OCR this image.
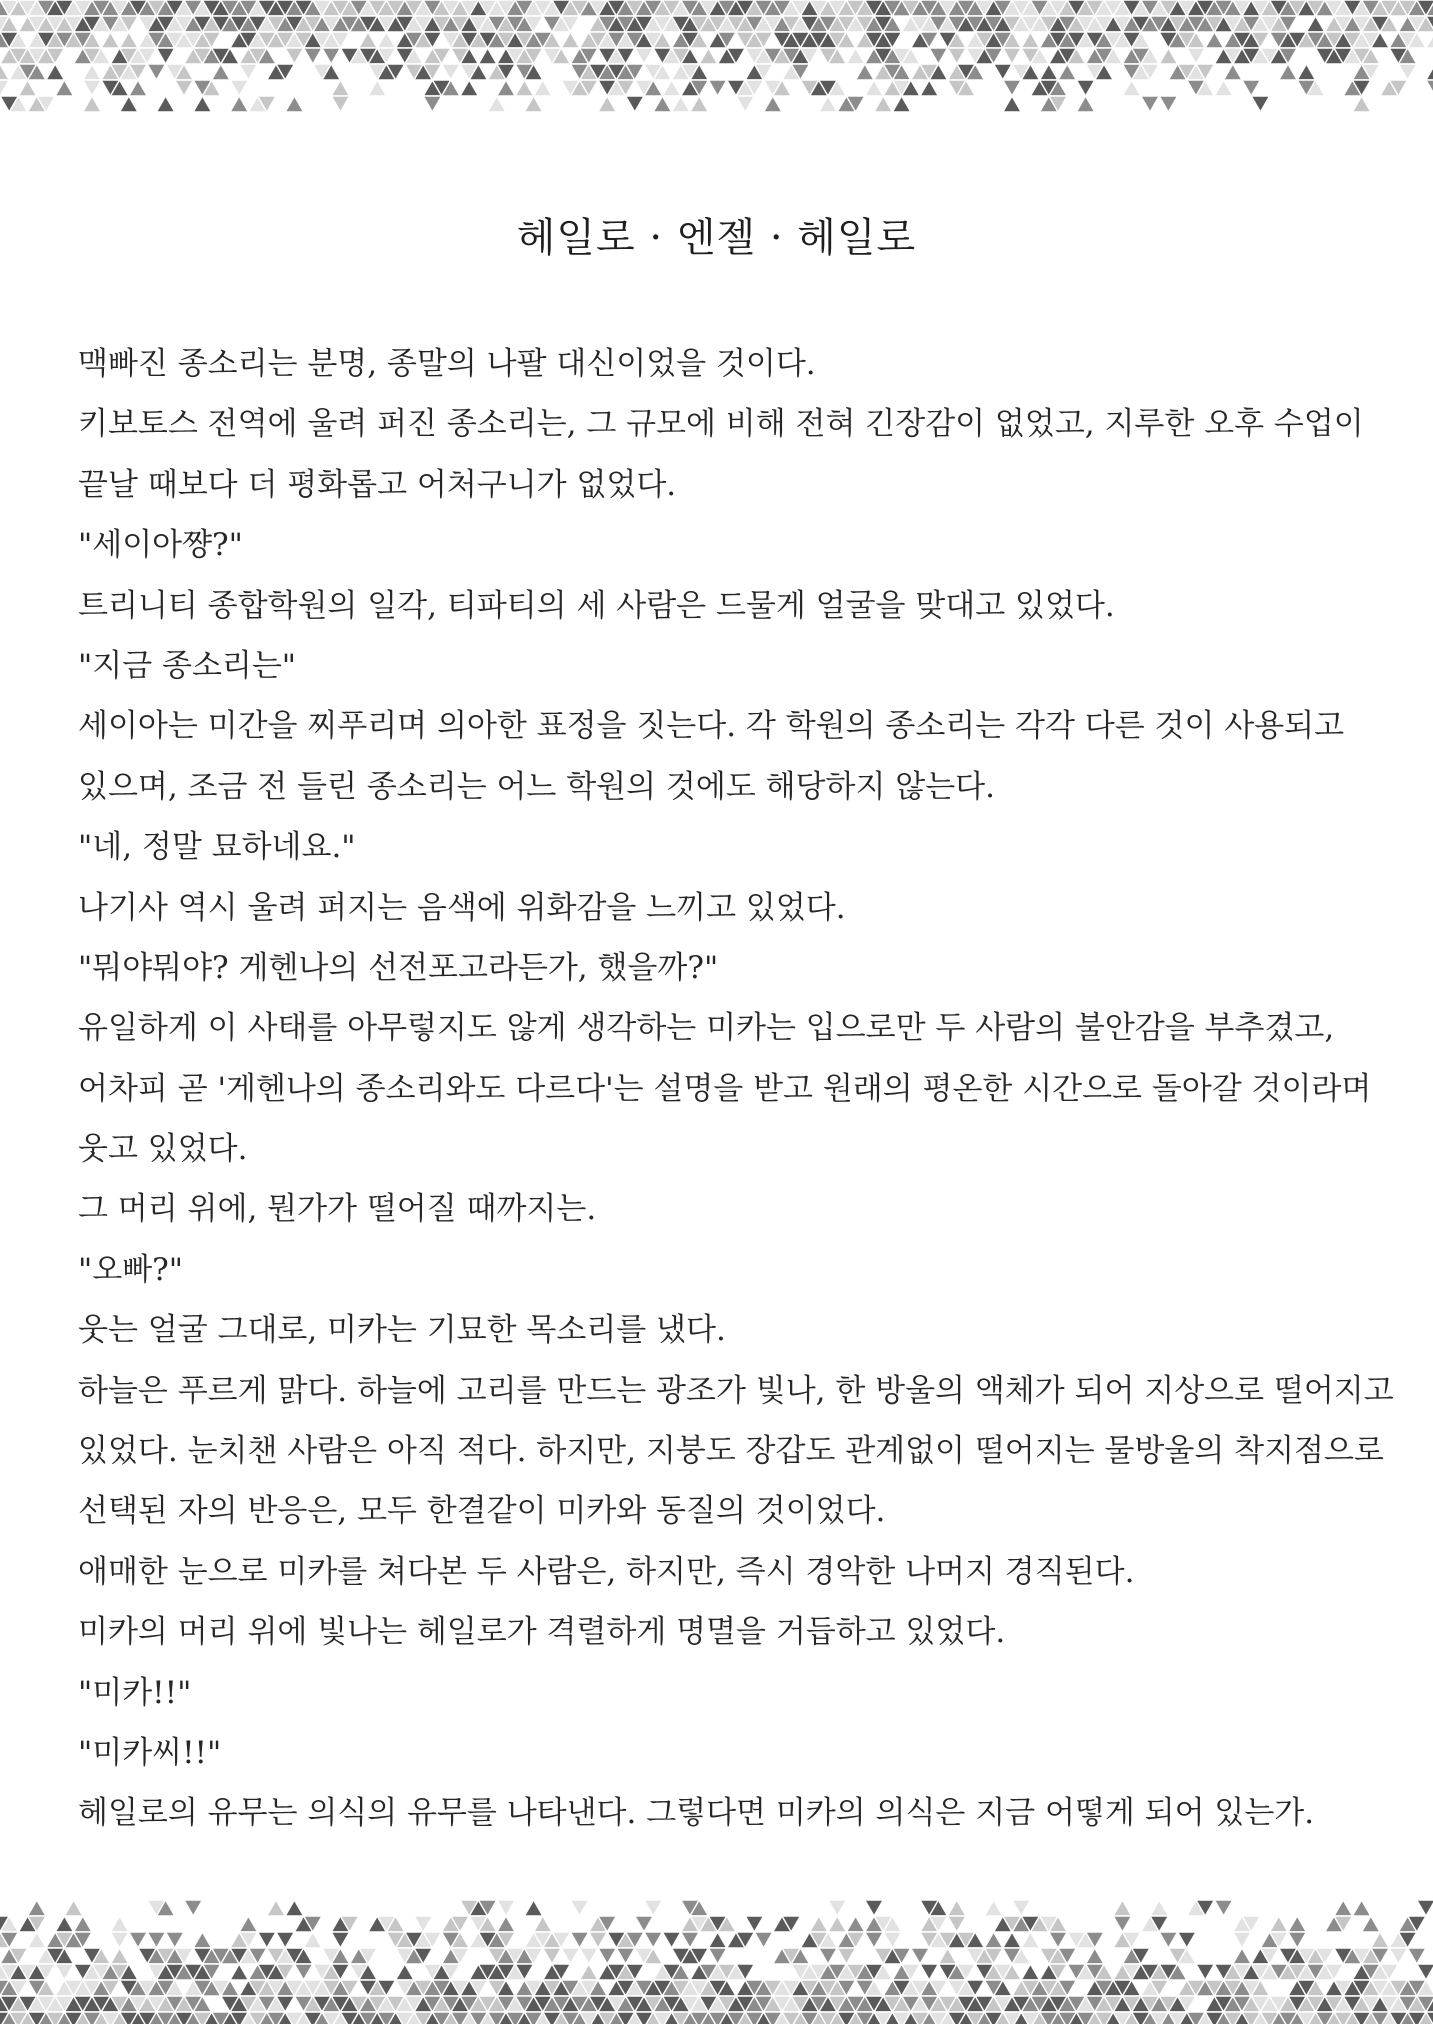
헤일로 · 엔젤 · 헤일로

맥빠진 종소리는 분명, 종말의 나팔 대신이었을 것이다.

키보토스 전역에 울려 퍼진 종소리는, 그 규모에 비해 전혀 긴장감이 없었고, 지루한 오후 수업이

끝날 때보다 더 평화롭고 어처구니가 없었다.

"세이아쨩?"

트리니티 종합학원의 일각, 티파티의 세 사람은 드물게 얼굴을 맞대고 있었다.

"지금 종소리는"

세이아는 미간을 찌푸리며 의아한 표정을 짓는다. 각 학원의 종소리는 각각 다른 것이 사용되고

있으며, 조금 전 들린 종소리는 어느 학원의 것에도 해당하지 않는다.

"네, 정말 묘하네요."

나기사 역시 울려 퍼지는 음색에 위화감을 느끼고 있었다.

"뭐야뭐야? 게헨나의 선전포고라든가, 했을까?"

유일하게 이 사태를 아무렇지도 않게 생각하는 미카는 입으로만 두 사람의 불안감을 부추겼고,

어차피 곧 '게헨나의 종소리와도 다르다'는 설명을 받고 원래의 평온한 시간으로 돌아갈 것이라며

웃고 있었다.

그 머리 위에, 뭔가가 떨어질 때까지는.

"오빠?"

웃는 얼굴 그대로, 미카는 기묘한 목소리를 냈다.

하늘은 푸르게 맑다. 하늘에 고리를 만드는 광조가 빛나, 한 방울의 액체가 되어 지상으로 떨어지고

있었다. 눈치챈 사람은 아직 적다. 하지만, 지붕도 장갑도 관계없이 떨어지는 물방울의 착지점으로

선택된 자의 반응은, 모두 한결같이 미카와 동질의 것이었다.

애매한 눈으로 미카를 쳐다본 두 사람은, 하지만, 즉시 경악한 나머지 경직된다.

미카의 머리 위에 빛나는 헤일로가 격렬하게 명멸을 거듭하고 있었다.

"미카!!"

"미카씨!!"

헤일로의 유무는 의식의 유무를 나타낸다. 그렇다면 미카의 의식은 지금 어떻게 되어 있는가.
